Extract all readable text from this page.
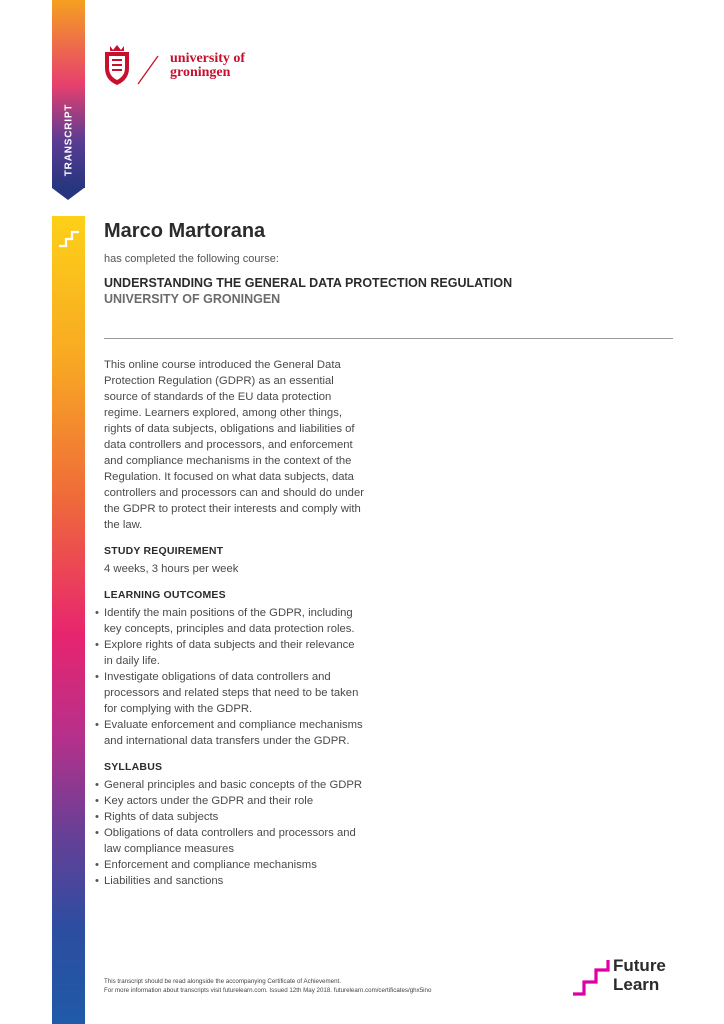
TRANSCRIPT
university of
groningen
Marco Martorana
has completed the following course:
UNDERSTANDING THE GENERAL DATA PROTECTION REGULATION
UNIVERSITY OF GRONINGEN

This online course introduced the General Data Protection Regulation (GDPR) as an essential source of standards of the EU data protection regime. Learners explored, among other things, rights of data subjects, obligations and liabilities of data controllers and processors, and enforcement and compliance mechanisms in the context of the Regulation. It focused on what data subjects, data controllers and processors can and should do under the GDPR to protect their interests and comply with the law.

STUDY REQUIREMENT

4 weeks, 3 hours per week

LEARNING OUTCOMES
• Identify the main positions of the GDPR, including key concepts, principles and data protection roles.
• Explore rights of data subjects and their relevance in daily life.
• Investigate obligations of data controllers and processors and related steps that need to be taken for complying with the GDPR.
• Evaluate enforcement and compliance mechanisms and international data transfers under the GDPR.
SYLLABUS
• General principles and basic concepts of the GDPR
• Key actors under the GDPR and their role
• Rights of data subjects
• Obligations of data controllers and processors and law compliance measures
• Enforcement and compliance mechanisms
• Liabilities and sanctions
This transcript should be read alongside the accompanying Certificate of Achievement.
For more information about transcripts visit futurelearn.com. Issued 12th May 2018. futurelearn.com/certificates/ghx5ino
Future
Learn
